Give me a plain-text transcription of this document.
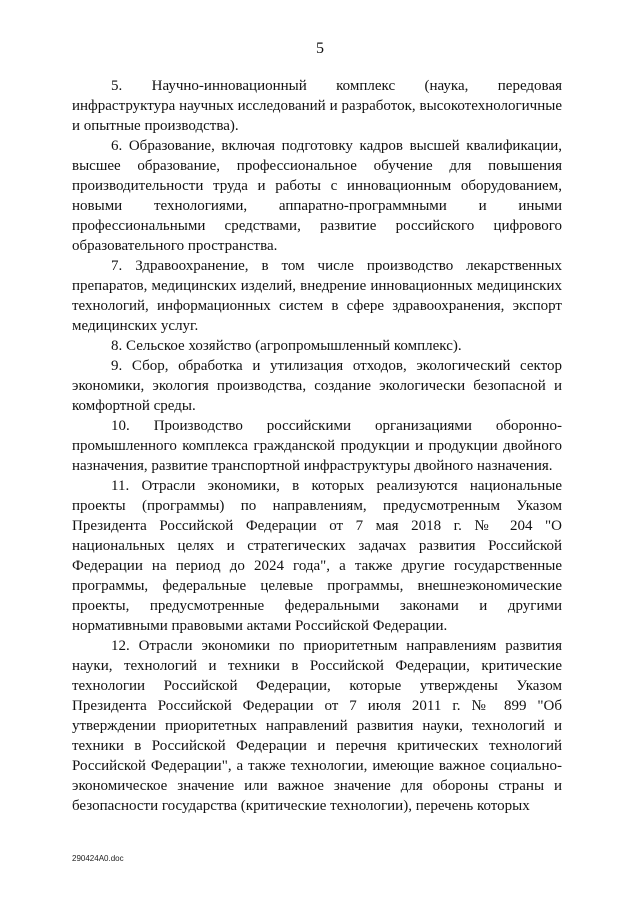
5

5. Научно-инновационный комплекс (наука, передовая инфраструктура научных исследований и разработок, высокотехнологичные и опытные производства).

6. Образование, включая подготовку кадров высшей квалификации, высшее образование, профессиональное обучение для повышения производительности труда и работы с инновационным оборудованием, новыми технологиями, аппаратно-программными и иными профессиональными средствами, развитие российского цифрового образовательного пространства.

7. Здравоохранение, в том числе производство лекарственных препаратов, медицинских изделий, внедрение инновационных медицинских технологий, информационных систем в сфере здравоохранения, экспорт медицинских услуг.

8. Сельское хозяйство (агропромышленный комплекс).

9. Сбор, обработка и утилизация отходов, экологический сектор экономики, экология производства, создание экологически безопасной и комфортной среды.

10. Производство российскими организациями оборонно-промышленного комплекса гражданской продукции и продукции двойного назначения, развитие транспортной инфраструктуры двойного назначения.

11. Отрасли экономики, в которых реализуются национальные проекты (программы) по направлениям, предусмотренным Указом Президента Российской Федерации от 7 мая 2018 г. № 204 "О национальных целях и стратегических задачах развития Российской Федерации на период до 2024 года", а также другие государственные программы, федеральные целевые программы, внешнеэкономические проекты, предусмотренные федеральными законами и другими нормативными правовыми актами Российской Федерации.

12. Отрасли экономики по приоритетным направлениям развития науки, технологий и техники в Российской Федерации, критические технологии Российской Федерации, которые утверждены Указом Президента Российской Федерации от 7 июля 2011 г. № 899 "Об утверждении приоритетных направлений развития науки, технологий и техники в Российской Федерации и перечня критических технологий Российской Федерации", а также технологии, имеющие важное социально-экономическое значение или важное значение для обороны страны и безопасности государства (критические технологии), перечень которых

290424A0.doc
